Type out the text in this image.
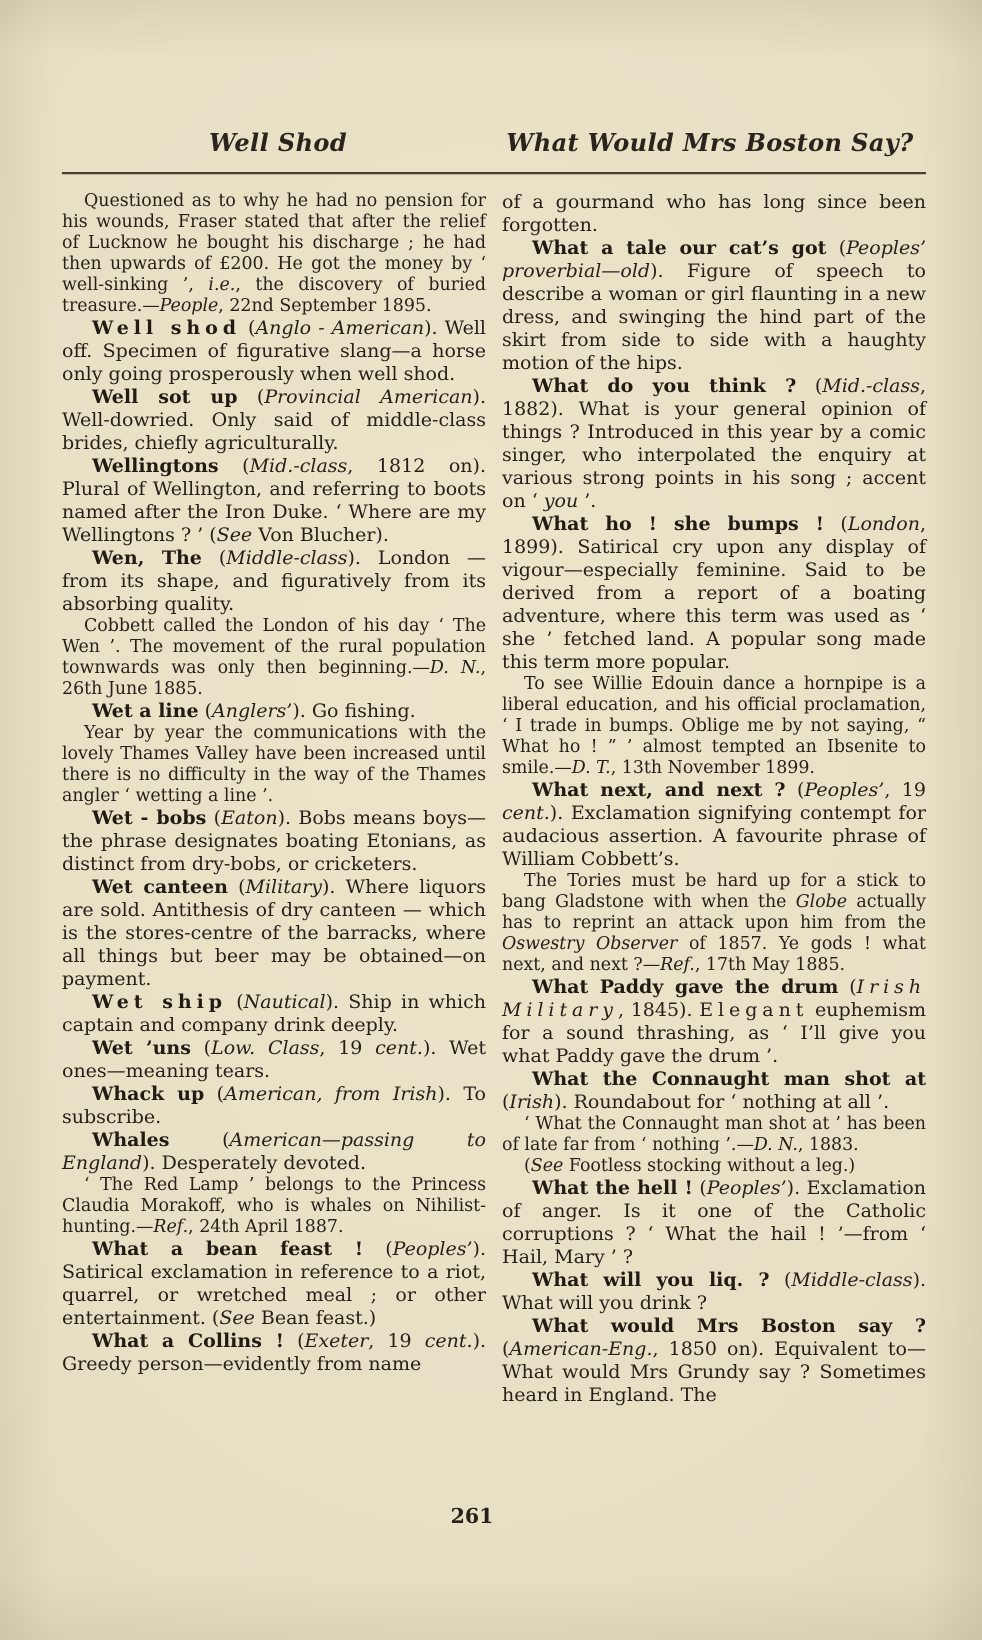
Well Shod	What Would Mrs Boston Say?

Questioned as to why he had no pension for his wounds, Fraser stated that after the relief of Lucknow he bought his discharge ; he had then upwards of £200. He got the money by ‘ well-sinking ’, i.e., the discovery of buried treasure.—People, 22nd September 1895.

Well shod (Anglo - American). Well off. Specimen of figurative slang—a horse only going prosperously when well shod.

Well sot up (Provincial American). Well-dowried. Only said of middle-class brides, chiefly agriculturally.

Wellingtons (Mid.-class, 1812 on). Plural of Wellington, and referring to boots named after the Iron Duke. ‘ Where are my Wellingtons ? ’ (See Von Blucher).

Wen, The (Middle-class). London —from its shape, and figuratively from its absorbing quality.

Cobbett called the London of his day ‘ The Wen ’. The movement of the rural population townwards was only then beginning.—D. N., 26th June 1885.

Wet a line (Anglers’). Go fishing.

Year by year the communications with the lovely Thames Valley have been increased until there is no difficulty in the way of the Thames angler ‘ wetting a line ’.

Wet - bobs (Eaton). Bobs means boys—the phrase designates boating Etonians, as distinct from dry-bobs, or cricketers.

Wet canteen (Military). Where liquors are sold. Antithesis of dry canteen — which is the stores-centre of the barracks, where all things but beer may be obtained—on payment.

Wet ship (Nautical). Ship in which captain and company drink deeply.

Wet ’uns (Low. Class, 19 cent.). Wet ones—meaning tears.

Whack up (American, from Irish). To subscribe.

Whales (American—passing to England). Desperately devoted.

‘ The Red Lamp ’ belongs to the Princess Claudia Morakoff, who is whales on Nihilist-hunting.—Ref., 24th April 1887.

What a bean feast ! (Peoples’). Satirical exclamation in reference to a riot, quarrel, or wretched meal ; or other entertainment. (See Bean feast.)

What a Collins ! (Exeter, 19 cent.). Greedy person—evidently from name

of a gourmand who has long since been forgotten.

What a tale our cat’s got (Peoples’ proverbial—old). Figure of speech to describe a woman or girl flaunting in a new dress, and swinging the hind part of the skirt from side to side with a haughty motion of the hips.

What do you think ? (Mid.-class, 1882). What is your general opinion of things ? Introduced in this year by a comic singer, who interpolated the enquiry at various strong points in his song ; accent on ‘ you ’.

What ho ! she bumps ! (London, 1899). Satirical cry upon any display of vigour—especially feminine. Said to be derived from a report of a boating adventure, where this term was used as ‘ she ’ fetched land. A popular song made this term more popular.

To see Willie Edouin dance a hornpipe is a liberal education, and his official proclamation, ‘ I trade in bumps. Oblige me by not saying, “ What ho ! ” ’ almost tempted an Ibsenite to smile.—D. T., 13th November 1899.

What next, and next ? (Peoples’, 19 cent.). Exclamation signifying contempt for audacious assertion. A favourite phrase of William Cobbett’s.

The Tories must be hard up for a stick to bang Gladstone with when the Globe actually has to reprint an attack upon him from the Oswestry Observer of 1857. Ye gods ! what next, and next ?—Ref., 17th May 1885.

What Paddy gave the drum (Irish Military, 1845). Elegant euphemism for a sound thrashing, as ‘ I’ll give you what Paddy gave the drum ’.

What the Connaught man shot at (Irish). Roundabout for ‘ nothing at all ’.

‘ What the Connaught man shot at ’ has been of late far from ‘ nothing ’.—D. N., 1883.

(See Footless stocking without a leg.)

What the hell ! (Peoples’). Exclamation of anger. Is it one of the Catholic corruptions ? ‘ What the hail ! ’—from ‘ Hail, Mary ’ ?

What will you liq. ? (Middle-class). What will you drink ?

What would Mrs Boston say ? (American-Eng., 1850 on). Equivalent to—What would Mrs Grundy say ? Sometimes heard in England. The

261
